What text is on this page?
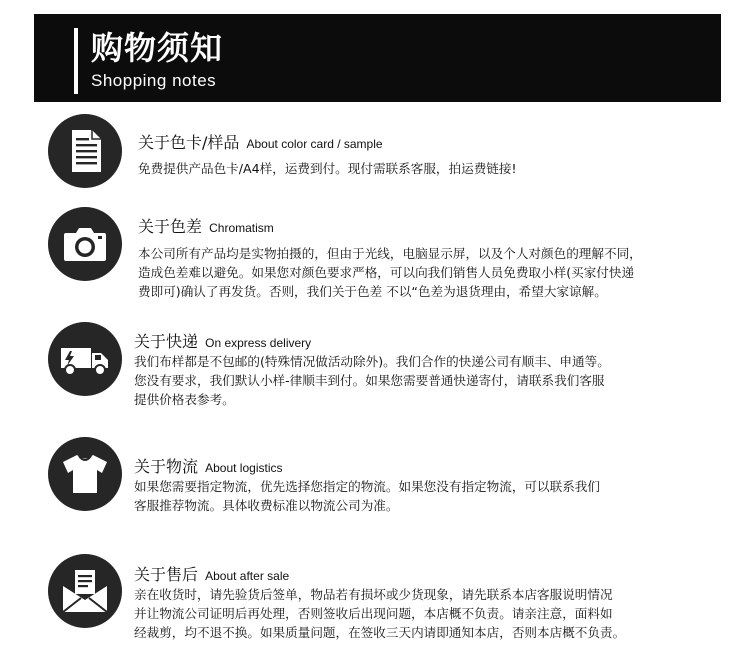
购物须知
Shopping notes
关于色卡/样品 About color card / sample
免费提供产品色卡/A4样，运费到付。现付需联系客服，拍运费链接!
关于色差 Chromatism
本公司所有产品均是实物拍摄的，但由于光线，电脑显示屏，以及个人对颜色的理解不同，
造成色差难以避免。如果您对颜色要求严格，可以向我们销售人员免费取小样(买家付快递
费即可)确认了再发货。否则，我们关于色差 不以“色差为退货理由，希望大家谅解。
关于快递 On express delivery
我们布样都是不包邮的(特殊情况做活动除外)。我们合作的快递公司有顺丰、申通等。
您没有要求，我们默认小样-律顺丰到付。如果您需要普通快递寄付，请联系我们客服
提供价格表参考。
关于物流 About logistics
如果您需要指定物流，优先选择您指定的物流。如果您没有指定物流，可以联系我们
客服推荐物流。具体收费标准以物流公司为准。
关于售后 About after sale
亲在收货时，请先验货后签单，物品若有损坏或少货现象，请先联系本店客服说明情况
并让物流公司证明后再处理，否则签收后出现问题，本店概不负责。请亲注意，面料如
经裁剪，均不退不换。如果质量问题，在签收三天内请即通知本店，否则本店概不负责。
